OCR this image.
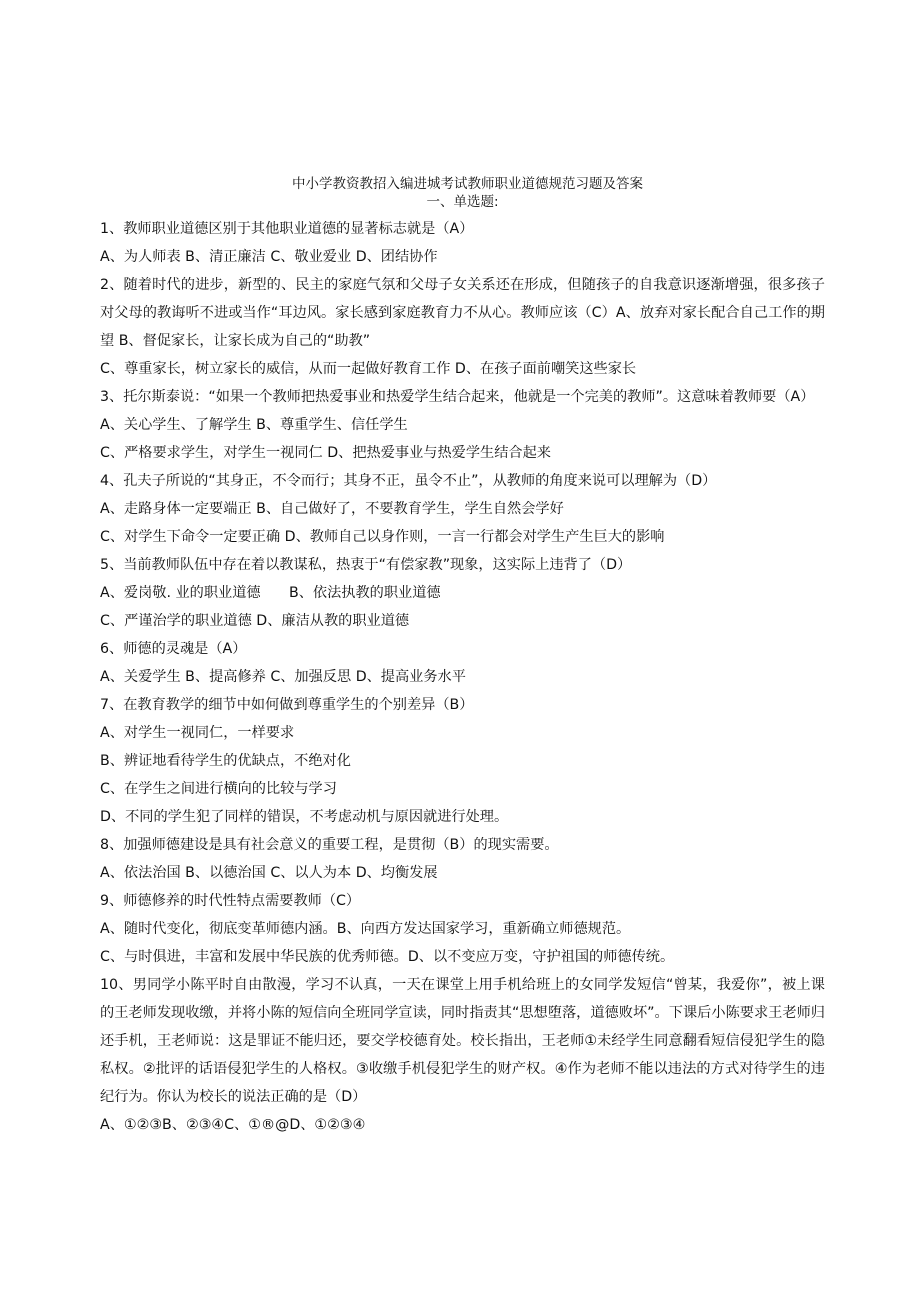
中小学教资教招入编进城考试教师职业道德规范习题及答案

一、单选题:

1、教师职业道德区别于其他职业道德的显著标志就是（A）

A、为人师表 B、清正廉洁 C、敬业爱业 D、团结协作

2、随着时代的进步，新型的、民主的家庭气氛和父母子女关系还在形成，但随孩子的自我意识逐渐增强，很多孩子对父母的教诲听不进或当作“耳边风。家长感到家庭教育力不从心。教师应该（C）A、放弃对家长配合自己工作的期望 B、督促家长，让家长成为自己的“助教”

C、尊重家长，树立家长的威信，从而一起做好教育工作 D、在孩子面前嘲笑这些家长

3、托尔斯泰说：“如果一个教师把热爱事业和热爱学生结合起来，他就是一个完美的教师”。这意味着教师要（A）

A、关心学生、了解学生 B、尊重学生、信任学生

C、严格要求学生，对学生一视同仁 D、把热爱事业与热爱学生结合起来

4、孔夫子所说的“其身正，不令而行；其身不正，虽令不止”，从教师的角度来说可以理解为（D）

A、走路身体一定要端正 B、自己做好了，不要教育学生，学生自然会学好

C、对学生下命令一定要正确 D、教师自己以身作则，一言一行都会对学生产生巨大的影响

5、当前教师队伍中存在着以教谋私，热衷于“有偿家教”现象，这实际上违背了（D）

A、爱岗敬. 业的职业道德　　B、依法执教的职业道德

C、严谨治学的职业道德 D、廉洁从教的职业道德

6、师德的灵魂是（A）

A、关爱学生 B、提高修养 C、加强反思 D、提高业务水平

7、在教育教学的细节中如何做到尊重学生的个别差异（B）

A、对学生一视同仁，一样要求

B、辨证地看待学生的优缺点，不绝对化

C、在学生之间进行横向的比较与学习

D、不同的学生犯了同样的错误，不考虑动机与原因就进行处理。

8、加强师德建设是具有社会意义的重要工程，是贯彻（B）的现实需要。

A、依法治国 B、以德治国 C、以人为本 D、均衡发展

9、师德修养的时代性特点需要教师（C）

A、随时代变化，彻底变革师德内涵。B、向西方发达国家学习，重新确立师德规范。

C、与时俱进，丰富和发展中华民族的优秀师德。D、以不变应万变，守护祖国的师德传统。

10、男同学小陈平时自由散漫，学习不认真，一天在课堂上用手机给班上的女同学发短信“曾某，我爱你”，被上课的王老师发现收缴，并将小陈的短信向全班同学宣读，同时指责其“思想堕落，道德败坏”。下课后小陈要求王老师归还手机，王老师说：这是罪证不能归还，要交学校德育处。校长指出，王老师①未经学生同意翻看短信侵犯学生的隐私权。②批评的话语侵犯学生的人格权。③收缴手机侵犯学生的财产权。④作为老师不能以违法的方式对待学生的违纪行为。你认为校长的说法正确的是（D）

A、①②③B、②③④C、①®@D、①②③④
